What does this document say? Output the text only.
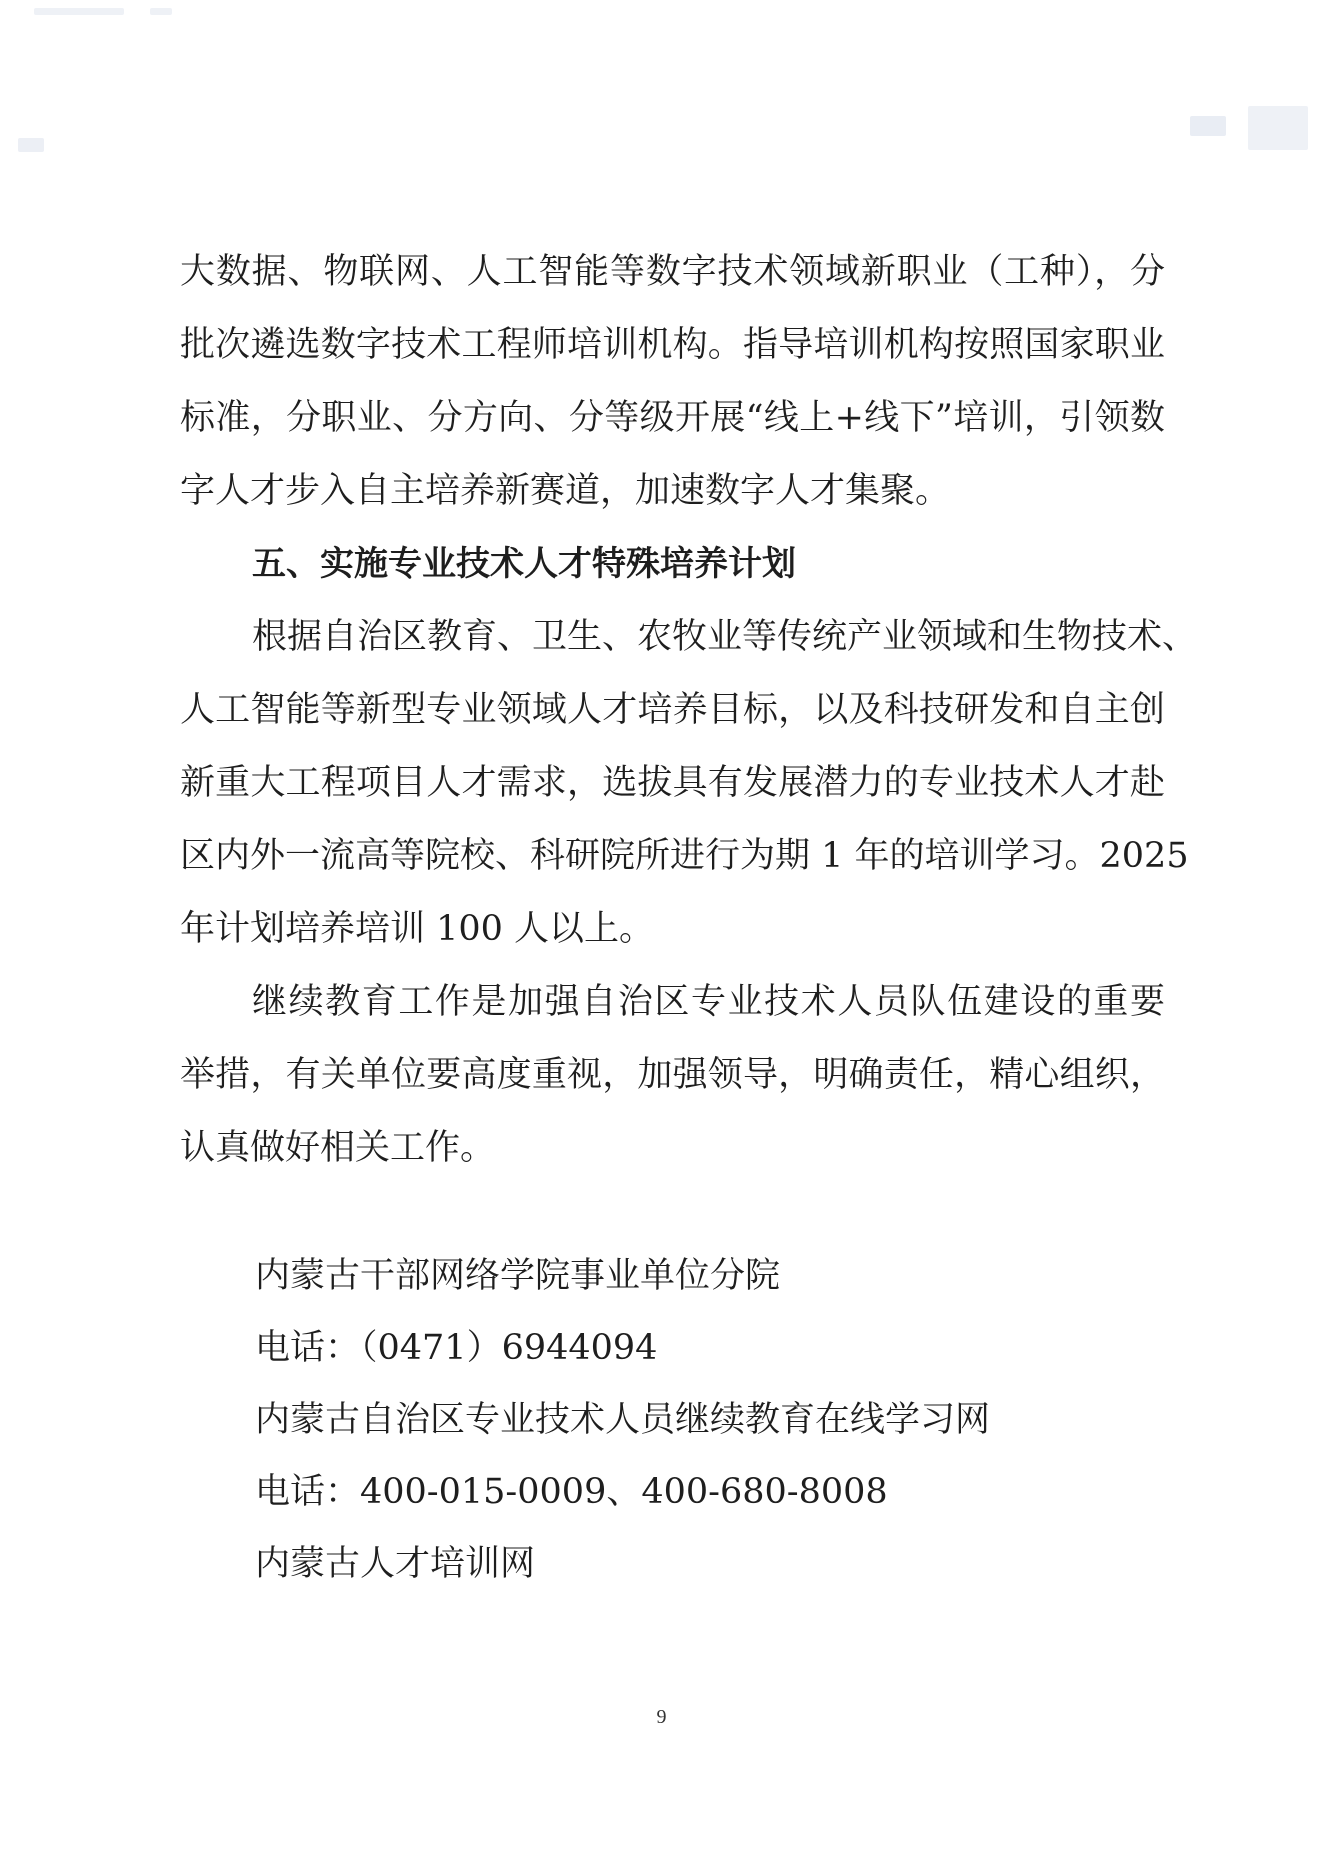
大数据、物联网、人工智能等数字技术领域新职业（工种），分
批次遴选数字技术工程师培训机构。指导培训机构按照国家职业
标准，分职业、分方向、分等级开展“线上+线下”培训，引领数
字人才步入自主培养新赛道，加速数字人才集聚。
五、实施专业技术人才特殊培养计划
根据自治区教育、卫生、农牧业等传统产业领域和生物技术、
人工智能等新型专业领域人才培养目标，以及科技研发和自主创
新重大工程项目人才需求，选拔具有发展潜力的专业技术人才赴
区内外一流高等院校、科研院所进行为期 1 年的培训学习。2025
年计划培养培训 100 人以上。
继续教育工作是加强自治区专业技术人员队伍建设的重要
举措，有关单位要高度重视，加强领导，明确责任，精心组织，
认真做好相关工作。
内蒙古干部网络学院事业单位分院
电话：（0471）6944094
内蒙古自治区专业技术人员继续教育在线学习网
电话：400-015-0009、400-680-8008
内蒙古人才培训网
9
